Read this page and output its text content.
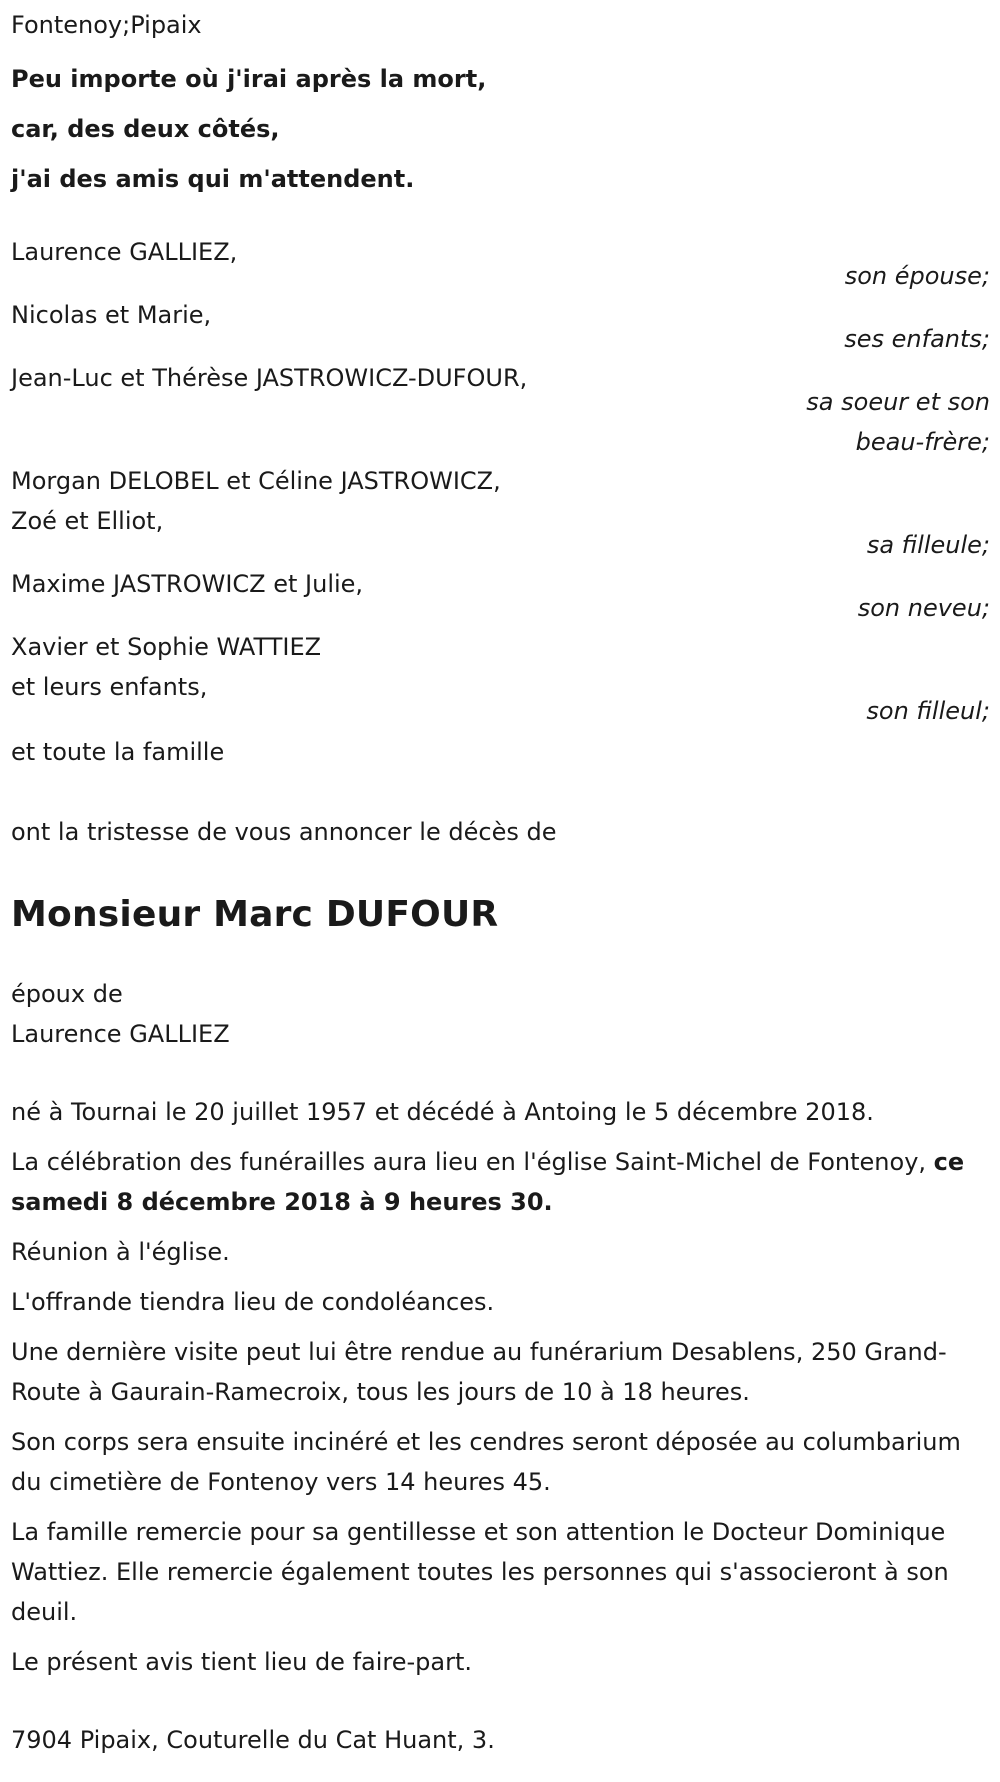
Fontenoy;Pipaix
Peu importe où j'irai après la mort,
car, des deux côtés,
j'ai des amis qui m'attendent.
Laurence GALLIEZ,
son épouse;
Nicolas et Marie,
ses enfants;
Jean-Luc et Thérèse JASTROWICZ-DUFOUR,
sa soeur et son
beau-frère;
Morgan DELOBEL et Céline JASTROWICZ,
Zoé et Elliot,
sa filleule;
Maxime JASTROWICZ et Julie,
son neveu;
Xavier et Sophie WATTIEZ
et leurs enfants,
son filleul;
et toute la famille
ont la tristesse de vous annoncer le décès de
Monsieur Marc DUFOUR
époux de
Laurence GALLIEZ
né à Tournai le 20 juillet 1957 et décédé à Antoing le 5 décembre 2018.
La célébration des funérailles aura lieu en l'église Saint-Michel de Fontenoy, ce samedi 8 décembre 2018 à 9 heures 30.
Réunion à l'église.
L'offrande tiendra lieu de condoléances.
Une dernière visite peut lui être rendue au funérarium Desablens, 250 Grand-Route à Gaurain-Ramecroix, tous les jours de 10 à 18 heures.
Son corps sera ensuite incinéré et les cendres seront déposée au columbarium du cimetière de Fontenoy vers 14 heures 45.
La famille remercie pour sa gentillesse et son attention le Docteur Dominique Wattiez. Elle remercie également toutes les personnes qui s'associeront à son deuil.
Le présent avis tient lieu de faire-part.
7904 Pipaix, Couturelle du Cat Huant, 3.
